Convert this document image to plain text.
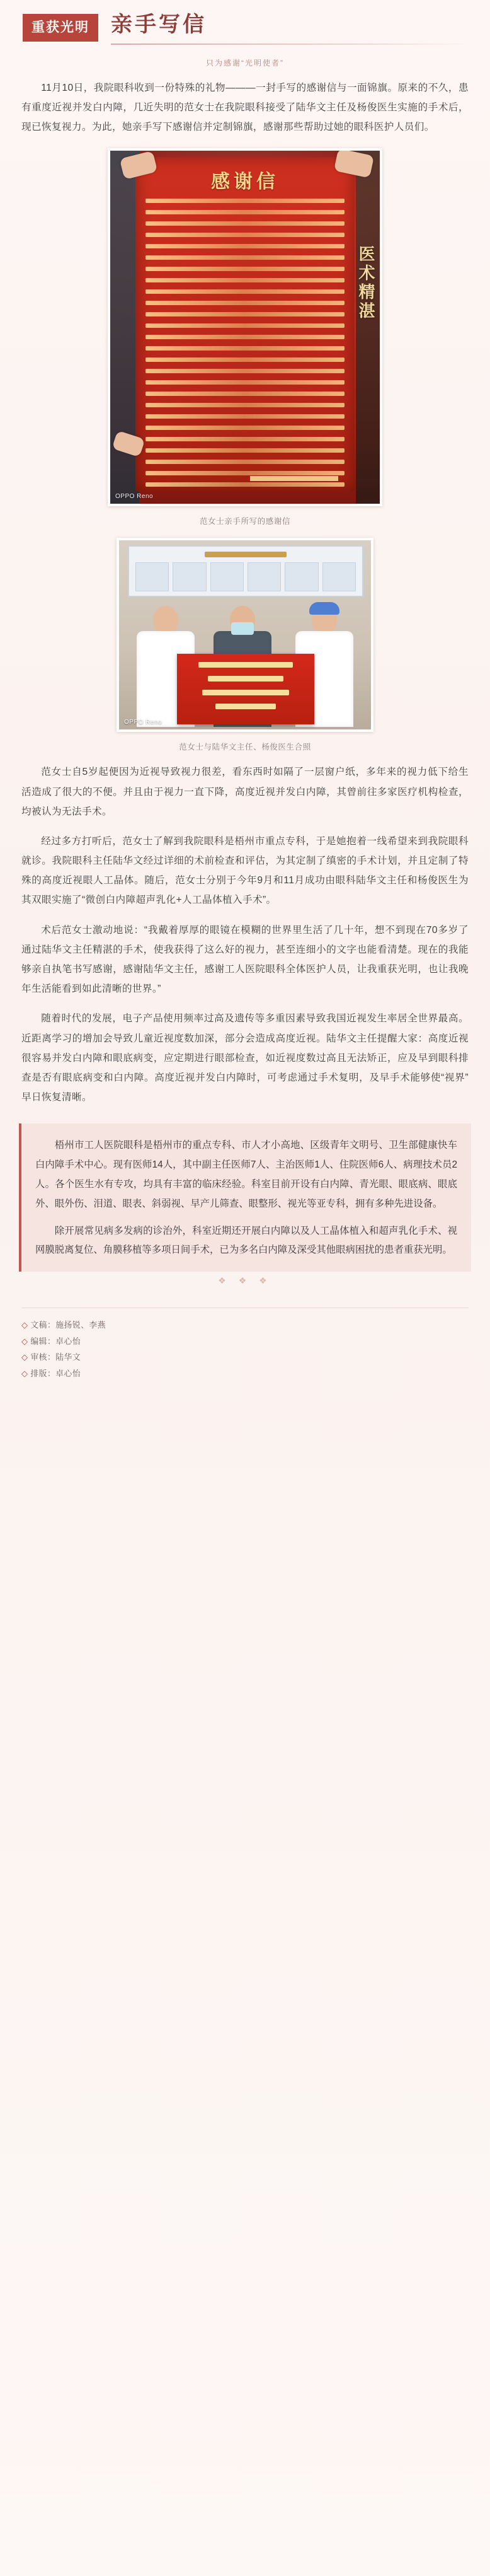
重获光明	亲手写信
只为感谢“光明使者”

11月10日，我院眼科收到一份特殊的礼物———一封手写的感谢信与一面锦旗。原来的不久，患有重度近视并发白内障，几近失明的范女士在我院眼科接受了陆华文主任及杨俊医生实施的手术后，现已恢复视力。为此，她亲手写下感谢信并定制锦旗，感谢那些帮助过她的眼科医护人员们。

感谢信
医术精湛
OPPO Reno
范女士亲手所写的感谢信
OPPO Reno
范女士与陆华文主任、杨俊医生合照

范女士自5岁起便因为近视导致视力很差，看东西时如隔了一层窗户纸，多年来的视力低下给生活造成了很大的不便。并且由于视力一直下降，高度近视并发白内障，其曾前往多家医疗机构检查，均被认为无法手术。

经过多方打听后，范女士了解到我院眼科是梧州市重点专科，于是她抱着一线希望来到我院眼科就诊。我院眼科主任陆华文经过详细的术前检查和评估，为其定制了缜密的手术计划，并且定制了特殊的高度近视眼人工晶体。随后，范女士分别于今年9月和11月成功由眼科陆华文主任和杨俊医生为其双眼实施了“微创白内障超声乳化+人工晶体植入手术”。

术后范女士激动地说：“我戴着厚厚的眼镜在模糊的世界里生活了几十年，想不到现在70多岁了通过陆华文主任精湛的手术，使我获得了这么好的视力，甚至连细小的文字也能看清楚。现在的我能够亲自执笔书写感谢，感谢陆华文主任，感谢工人医院眼科全体医护人员，让我重获光明，也让我晚年生活能看到如此清晰的世界。”

随着时代的发展，电子产品使用频率过高及遗传等多重因素导致我国近视发生率居全世界最高。近距离学习的增加会导致儿童近视度数加深，部分会造成高度近视。陆华文主任提醒大家：高度近视很容易并发白内障和眼底病变，应定期进行眼部检查，如近视度数过高且无法矫正，应及早到眼科排查是否有眼底病变和白内障。高度近视并发白内障时，可考虑通过手术复明，及早手术能够使“视界”早日恢复清晰。

梧州市工人医院眼科是梧州市的重点专科、市人才小高地、区级青年文明号、卫生部健康快车白内障手术中心。现有医师14人，其中副主任医师7人、主治医师1人、住院医师6人、病理技术员2人。各个医生水有专攻，均具有丰富的临床经验。科室目前开设有白内障、青光眼、眼底病、眼底外、眼外伤、泪道、眼表、斜弱视、早产儿筛查、眼整形、视光等亚专科，拥有多种先进设备。

除开展常见病多发病的诊治外，科室近期还开展白内障以及人工晶体植入和超声乳化手术、视网膜脱离复位、角膜移植等多项日间手术，已为多名白内障及深受其他眼病困扰的患者重获光明。

❖ ❖ ❖
◇ 文稿：施扬锐、李燕
◇ 编辑：卓心怡
◇ 审核：陆华文
◇ 排版：卓心怡
